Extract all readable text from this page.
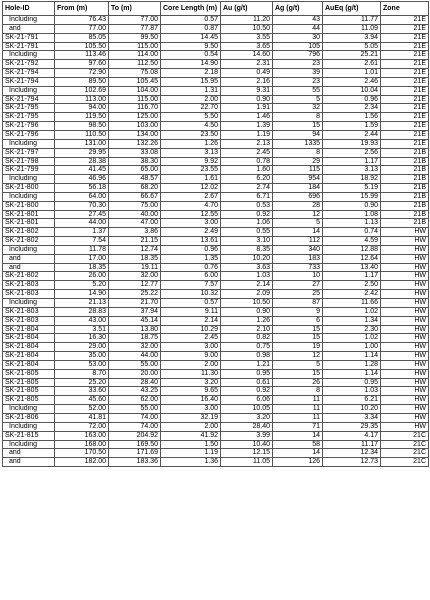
Hole-ID	From (m)	To (m)	Core Length (m)	Au (g/t)	Ag (g/t)	AuEq (g/t)	Zone
Including	76.43	77.00	0.57	11.20	43	11.77	21E
and	77.00	77.87	0.87	10.50	44	11.09	21E
SK-21-791	85.05	99.50	14.45	3.55	30	3.94	21E
SK-21-791	105.50	115.00	9.50	3.65	105	5.05	21E
Including	113.46	114.00	0.54	14.60	796	25.21	21E
SK-21-792	97.60	112.50	14.90	2.31	23	2.61	21E
SK-21-794	72.90	75.08	2.18	0.49	39	1.01	21E
SK-21-794	89.50	105.45	15.95	2.16	23	2.46	21E
Including	102.69	104.00	1.31	9.31	55	10.04	21E
SK-21-794	113.00	115.00	2.00	0.90	5	0.96	21E
SK-21-795	94.00	116.70	22.70	1.91	32	2.34	21E
SK-21-795	119.50	125.00	5.50	1.46	8	1.56	21E
SK-21-796	98.50	103.00	4.50	1.39	15	1.59	21E
SK-21-796	110.50	134.00	23.50	1.19	94	2.44	21E
Including	131.00	132.26	1.26	2.13	1335	19.93	21E
SK-21-797	29.95	33.08	3.13	2.45	8	2.56	21B
SK-21-798	28.38	38.30	9.92	0.78	29	1.17	21B
SK-21-799	41.45	65.00	23.55	1.60	115	3.13	21B
Including	46.96	48.57	1.61	6.20	954	18.92	21B
SK-21-800	56.18	68.20	12.02	2.74	184	5.19	21B
Including	64.00	66.67	2.67	6.71	696	15.99	21B
SK-21-800	70.30	75.00	4.70	0.53	28	0.90	21B
SK-21-801	27.45	40.00	12.55	0.92	12	1.08	21B
SK-21-801	44.00	47.00	3.00	1.06	5	1.13	21B
SK-21-802	1.37	3.86	2.49	0.55	14	0.74	HW
SK-21-802	7.54	21.15	13.61	3.10	112	4.59	HW
Including	11.78	12.74	0.96	8.35	340	12.88	HW
and	17.00	18.35	1.35	10.20	183	12.64	HW
and	18.35	19.11	0.76	3.63	733	13.40	HW
SK-21-802	26.00	32.00	6.00	1.03	10	1.17	HW
SK-21-803	5.20	12.77	7.57	2.14	27	2.50	HW
SK-21-803	14.90	25.22	10.32	2.09	25	2.42	HW
Including	21.13	21.70	0.57	10.50	87	11.66	HW
SK-21-803	28.83	37.94	9.11	0.90	9	1.02	HW
SK-21-803	43.00	45.14	2.14	1.26	6	1.34	HW
SK-21-804	3.51	13.80	10.29	2.10	15	2.30	HW
SK-21-804	16.30	18.75	2.45	0.82	15	1.02	HW
SK-21-804	29.00	32.00	3.00	0.75	19	1.00	HW
SK-21-804	35.00	44.00	9.00	0.98	12	1.14	HW
SK-21-804	53.00	55.00	2.00	1.21	5	1.28	HW
SK-21-805	8.70	20.00	11.30	0.95	15	1.14	HW
SK-21-805	25.20	28.40	3.20	0.61	26	0.95	HW
SK-21-805	33.60	43.25	9.65	0.92	8	1.03	HW
SK-21-805	45.60	62.00	16.40	6.06	11	6.21	HW
Including	52.00	55.00	3.00	10.05	11	10.20	HW
SK-21-806	41.81	74.00	32.19	3.20	11	3.34	HW
Including	72.00	74.00	2.00	28.40	71	29.35	HW
SK-21-815	163.00	204.92	41.92	3.99	14	4.17	21C
Including	168.00	169.50	1.50	10.40	58	11.17	21C
and	170.50	171.69	1.19	12.15	14	12.34	21C
and	182.00	183.36	1.36	11.05	126	12.73	21C
